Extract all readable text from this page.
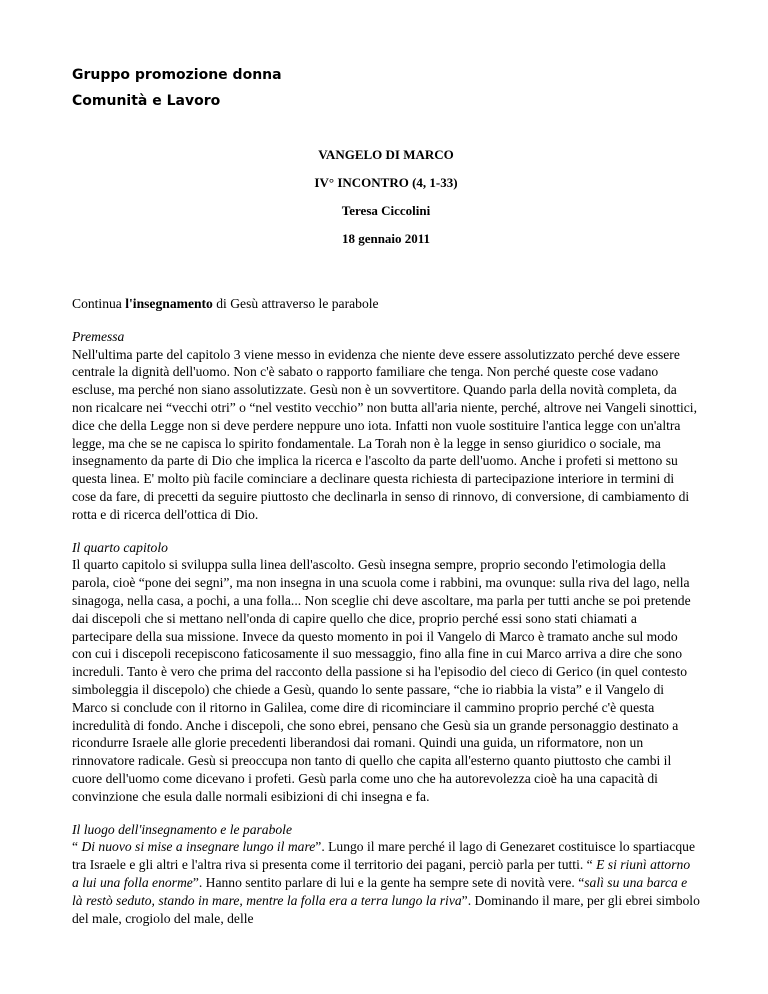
Gruppo promozione donna

Comunità e Lavoro

VANGELO DI MARCO

IV° INCONTRO (4, 1-33)

Teresa Ciccolini

18 gennaio 2011

Continua l'insegnamento di Gesù attraverso le parabole

Premessa
Nell'ultima parte del capitolo 3 viene messo in evidenza che niente deve essere assolutizzato perché deve essere centrale la dignità dell'uomo. Non c'è sabato o rapporto familiare che tenga. Non perché queste cose vadano escluse, ma perché non siano assolutizzate. Gesù non è un sovvertitore. Quando parla della novità completa, da non ricalcare nei “vecchi otri” o “nel vestito vecchio” non butta all'aria niente, perché, altrove nei Vangeli sinottici, dice che della Legge non si deve perdere neppure uno iota. Infatti non vuole sostituire l'antica legge con un'altra legge, ma che se ne capisca lo spirito fondamentale. La Torah non è la legge in senso giuridico o sociale, ma insegnamento da parte di Dio che implica la ricerca e l'ascolto da parte dell'uomo. Anche i profeti si mettono su questa linea. E' molto più facile cominciare a declinare questa richiesta di partecipazione interiore in termini di cose da fare, di precetti da seguire piuttosto che declinarla in senso di rinnovo, di conversione, di cambiamento di rotta e di ricerca dell'ottica di Dio.
Il quarto capitolo
Il quarto capitolo si sviluppa sulla linea dell'ascolto. Gesù insegna sempre, proprio secondo l'etimologia della parola, cioè “pone dei segni”, ma non insegna in una scuola come i rabbini, ma ovunque: sulla riva del lago, nella sinagoga, nella casa, a pochi, a una folla... Non sceglie chi deve ascoltare, ma parla per tutti anche se poi pretende dai discepoli che si mettano nell'onda di capire quello che dice, proprio perché essi sono stati chiamati a partecipare della sua missione. Invece da questo momento in poi il Vangelo di Marco è tramato anche sul modo con cui i discepoli recepiscono faticosamente il suo messaggio, fino alla fine in cui Marco arriva a dire che sono increduli. Tanto è vero che prima del racconto della passione si ha l'episodio del cieco di Gerico (in quel contesto simboleggia il discepolo) che chiede a Gesù, quando lo sente passare, “che io riabbia la vista” e il Vangelo di Marco si conclude con il ritorno in Galilea, come dire di ricominciare il cammino proprio perché c'è questa incredulità di fondo. Anche i discepoli, che sono ebrei, pensano che Gesù sia un grande personaggio destinato a ricondurre Israele alle glorie precedenti liberandosi dai romani. Quindi una guida, un riformatore, non un rinnovatore radicale. Gesù si preoccupa non tanto di quello che capita all'esterno quanto piuttosto che cambi il cuore dell'uomo come dicevano i profeti. Gesù parla come uno che ha autorevolezza cioè ha una capacità di convinzione che esula dalle normali esibizioni di chi insegna e fa.
Il luogo dell'insegnamento e le parabole
“ Di nuovo si mise a insegnare lungo il mare”. Lungo il mare perché il lago di Genezaret costituisce lo spartiacque tra Israele e gli altri e l'altra riva si presenta come il territorio dei pagani, perciò parla per tutti. “ E si riunì attorno a lui una folla enorme”. Hanno sentito parlare di lui e la gente ha sempre sete di novità vere. “salì su una barca e là restò seduto, stando in mare, mentre la folla era a terra lungo la riva”. Dominando il mare, per gli ebrei simbolo del male, crogiolo del male, delle
